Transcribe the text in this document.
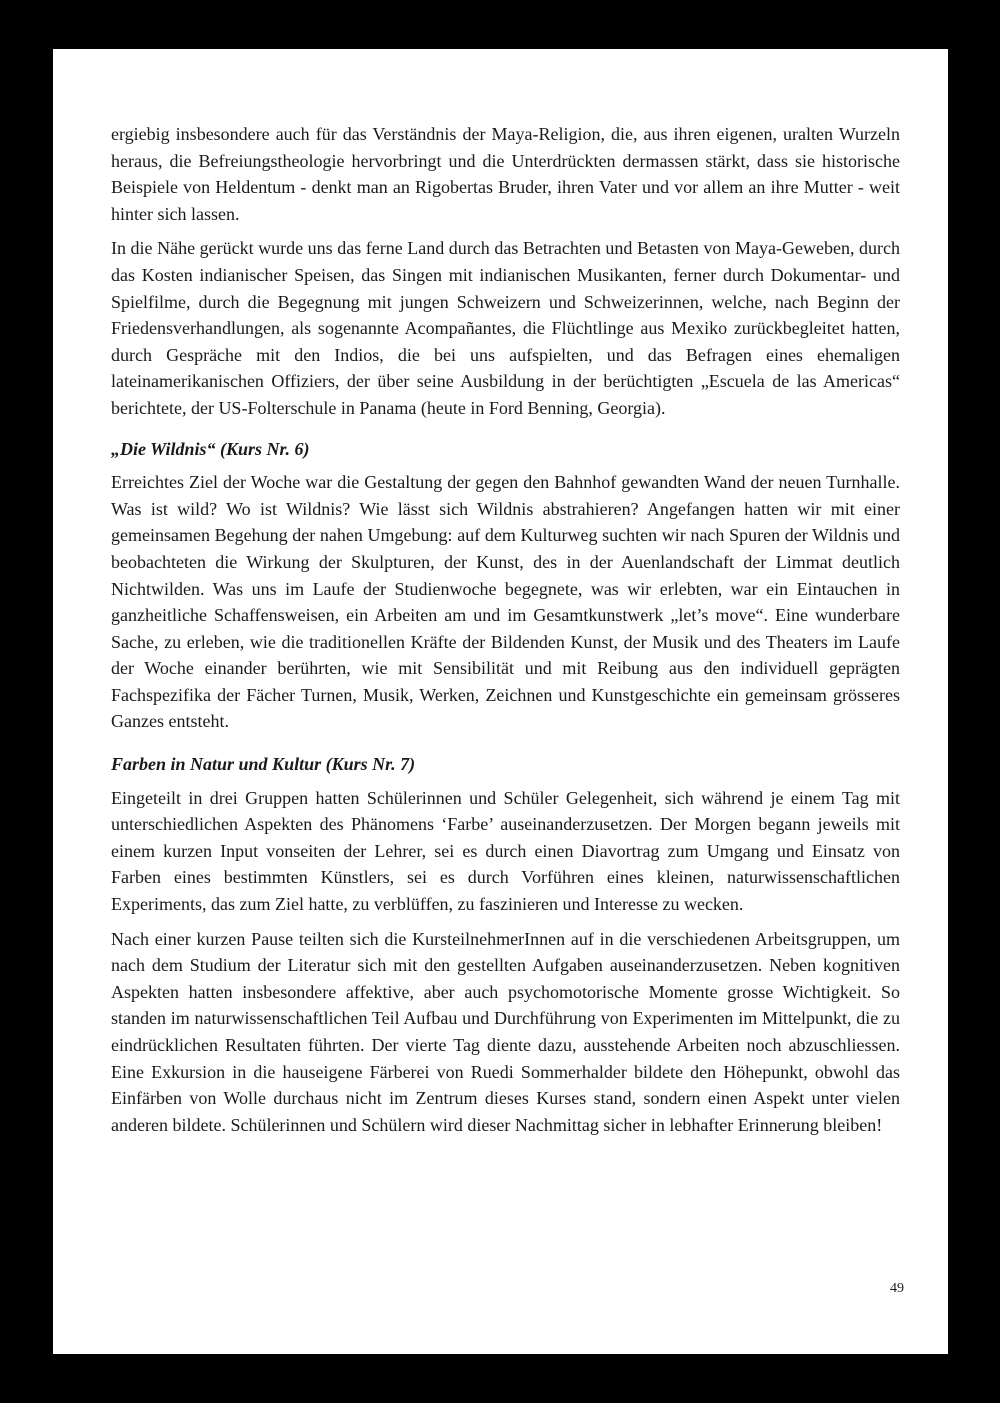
ergiebig insbesondere auch für das Verständnis der Maya-Religion, die, aus ihren eigenen, uralten Wurzeln heraus, die Befreiungstheologie hervorbringt und die Unterdrückten dermassen stärkt, dass sie historische Beispiele von Heldentum - denkt man an Rigobertas Bruder, ihren Vater und vor allem an ihre Mutter - weit hinter sich lassen.

In die Nähe gerückt wurde uns das ferne Land durch das Betrachten und Betasten von Maya-Geweben, durch das Kosten indianischer Speisen, das Singen mit indianischen Musikanten, ferner durch Dokumentar- und Spielfilme, durch die Begegnung mit jungen Schweizern und Schweizerinnen, welche, nach Beginn der Friedensverhandlungen, als sogenannte Acompañantes, die Flüchtlinge aus Mexiko zurückbegleitet hatten, durch Gespräche mit den Indios, die bei uns aufspielten, und das Befragen eines ehemaligen lateinamerikanischen Offiziers, der über seine Ausbildung in der berüchtigten „Escuela de las Americas“ berichtete, der US-Folterschule in Panama (heute in Ford Benning, Georgia).

„Die Wildnis“ (Kurs Nr. 6)

Erreichtes Ziel der Woche war die Gestaltung der gegen den Bahnhof gewandten Wand der neuen Turnhalle. Was ist wild? Wo ist Wildnis? Wie lässt sich Wildnis abstrahieren? Angefangen hatten wir mit einer gemeinsamen Begehung der nahen Umgebung: auf dem Kulturweg suchten wir nach Spuren der Wildnis und beobachteten die Wirkung der Skulpturen, der Kunst, des in der Auenlandschaft der Limmat deutlich Nichtwilden. Was uns im Laufe der Studienwoche begegnete, was wir erlebten, war ein Eintauchen in ganzheitliche Schaffensweisen, ein Arbeiten am und im Gesamtkunstwerk „let’s move“. Eine wunderbare Sache, zu erleben, wie die traditionellen Kräfte der Bildenden Kunst, der Musik und des Theaters im Laufe der Woche einander berührten, wie mit Sensibilität und mit Reibung aus den individuell geprägten Fachspezifika der Fächer Turnen, Musik, Werken, Zeichnen und Kunstgeschichte ein gemeinsam grösseres Ganzes entsteht.

Farben in Natur und Kultur (Kurs Nr. 7)

Eingeteilt in drei Gruppen hatten Schülerinnen und Schüler Gelegenheit, sich während je einem Tag mit unterschiedlichen Aspekten des Phänomens ‘Farbe’ auseinanderzusetzen. Der Morgen begann jeweils mit einem kurzen Input vonseiten der Lehrer, sei es durch einen Diavortrag zum Umgang und Einsatz von Farben eines bestimmten Künstlers, sei es durch Vorführen eines kleinen, naturwissenschaftlichen Experiments, das zum Ziel hatte, zu verblüffen, zu faszinieren und Interesse zu wecken.

Nach einer kurzen Pause teilten sich die KursteilnehmerInnen auf in die verschiedenen Arbeitsgruppen, um nach dem Studium der Literatur sich mit den gestellten Aufgaben auseinanderzusetzen. Neben kognitiven Aspekten hatten insbesondere affektive, aber auch psychomotorische Momente grosse Wichtigkeit. So standen im naturwissenschaftlichen Teil Aufbau und Durchführung von Experimenten im Mittelpunkt, die zu eindrücklichen Resultaten führten. Der vierte Tag diente dazu, ausstehende Arbeiten noch abzuschliessen. Eine Exkursion in die hauseigene Färberei von Ruedi Sommerhalder bildete den Höhepunkt, obwohl das Einfärben von Wolle durchaus nicht im Zentrum dieses Kurses stand, sondern einen Aspekt unter vielen anderen bildete. Schülerinnen und Schülern wird dieser Nachmittag sicher in lebhafter Erinnerung bleiben!

49
